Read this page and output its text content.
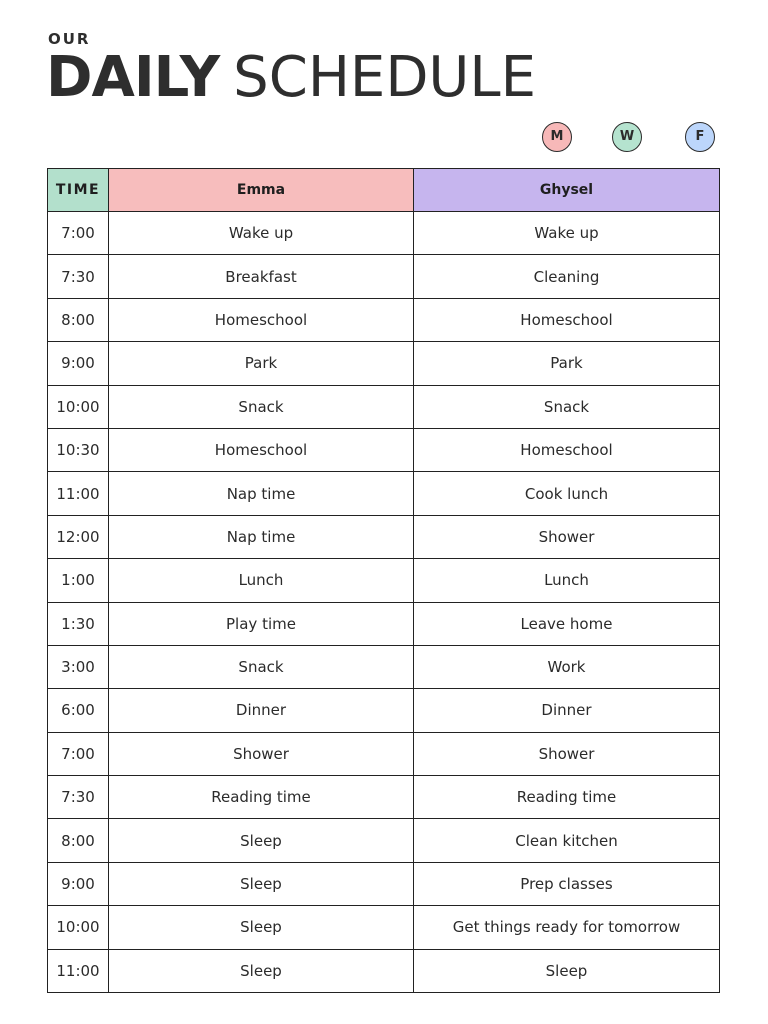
OUR
DAILY SCHEDULE
M	W	F
TIME	Emma	Ghysel
7:00	Wake up	Wake up
7:30	Breakfast	Cleaning
8:00	Homeschool	Homeschool
9:00	Park	Park
10:00	Snack	Snack
10:30	Homeschool	Homeschool
11:00	Nap time	Cook lunch
12:00	Nap time	Shower
1:00	Lunch	Lunch
1:30	Play time	Leave home
3:00	Snack	Work
6:00	Dinner	Dinner
7:00	Shower	Shower
7:30	Reading time	Reading time
8:00	Sleep	Clean kitchen
9:00	Sleep	Prep classes
10:00	Sleep	Get things ready for tomorrow
11:00	Sleep	Sleep
